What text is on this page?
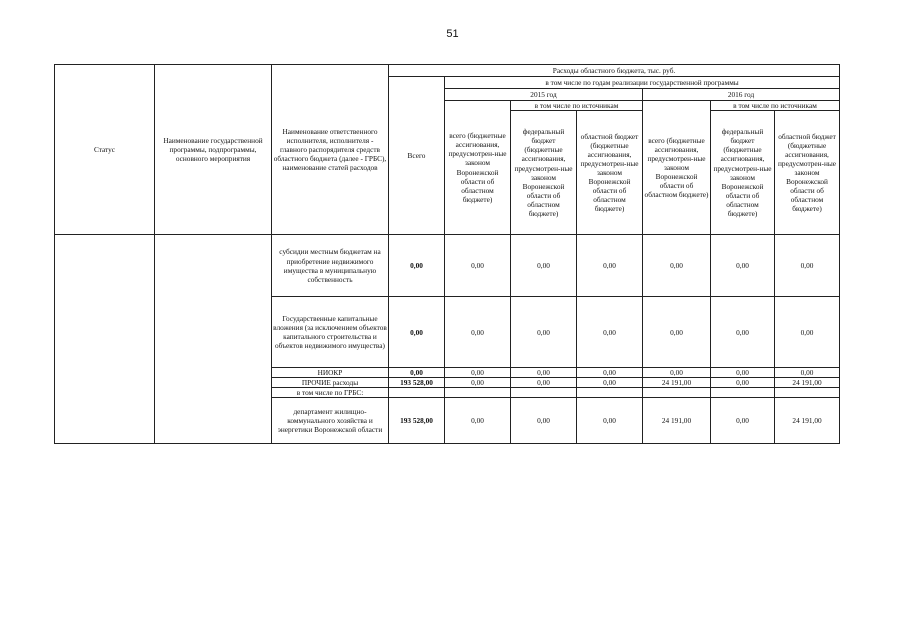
51
Статус	Наименование государственной программы, подпрограммы, основного мероприятия	Наименование ответственного исполнителя, исполнителя - главного распорядителя средств областного бюджета (далее - ГРБС), наименование статей расходов	Расходы областного бюджета, тыс. руб.						
			Всего	в том числе по годам реализации государственной программы					
				2015 год			2016 год		
				всего (бюджетные ассигнования, предусмотрен-ные законом Воронежской области об областном бюджете)	в том числе по источникам		всего (бюджетные ассигнования, предусмотрен-ные законом Воронежской области об областном бюджете)	в том числе по источникам	
					федеральный бюджет (бюджетные ассигнования, предусмотрен-ные законом Воронежской области об областном бюджете)	областной бюджет (бюджетные ассигнования, предусмотрен-ные законом Воронежской области об областном бюджете)		федеральный бюджет (бюджетные ассигнования, предусмотрен-ные законом Воронежской области об областном бюджете)	областной бюджет (бюджетные ассигнования, предусмотрен-ные законом Воронежской области об областном бюджете)
		субсидии местным бюджетам на приобретение недвижимого имущества в муниципальную собственность	0,00	0,00	0,00	0,00	0,00	0,00	0,00
		Государственные капитальные вложения (за исключением объектов капитального строительства и объектов недвижимого имущества)	0,00	0,00	0,00	0,00	0,00	0,00	0,00
		НИОКР	0,00	0,00	0,00	0,00	0,00	0,00	0,00
		ПРОЧИЕ расходы	193 528,00	0,00	0,00	0,00	24 191,00	0,00	24 191,00
		в том числе по ГРБС:							
		департамент жилищно-коммунального хозяйства и энергетики Воронежской области	193 528,00	0,00	0,00	0,00	24 191,00	0,00	24 191,00
